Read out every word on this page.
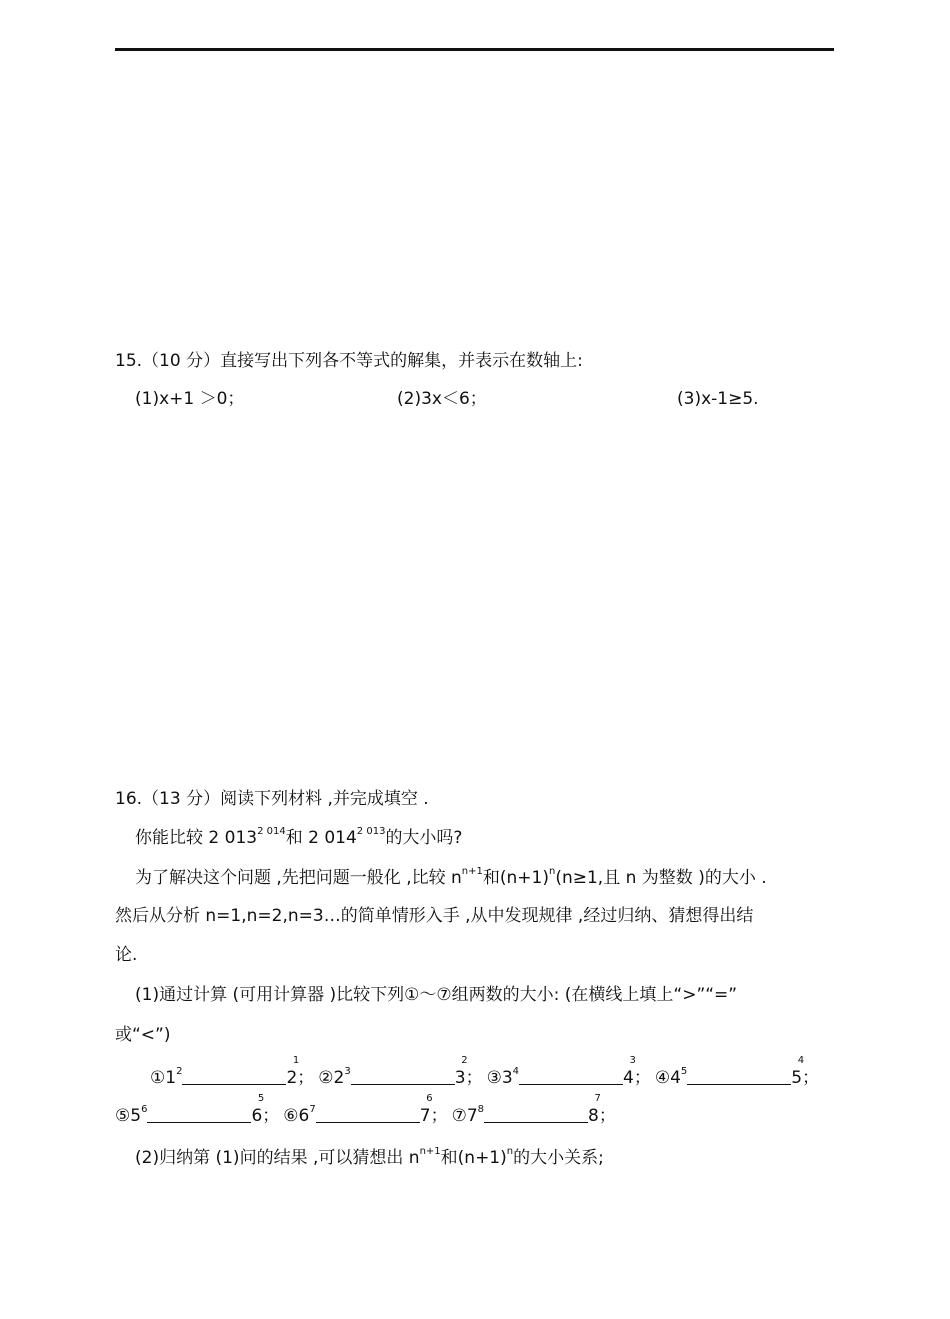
15.（10 分）直接写出下列各不等式的解集，并表示在数轴上:
(1)x+1 ＞0；	(2)3x＜6；	(3)x-1≥5.
16.（13 分）阅读下列材料 ,并完成填空 .
你能比较 2 $013^{2 014}$和 2 $014^{2 013}$的大小吗?
为了解决这个问题 ,先把问题一般化 ,比较 $n^{n+1}$和$(n+1)^n(n\ge 1$,且 n 为整数 )的大小 .
然后从分析 n=1,n=2,n=3…的简单情形入手 ,从中发现规律 ,经过归纳、猜想得出结
论.
(1)通过计算 (可用计算器 )比较下列①～⑦组两数的大小: (在横线上填上“>”“=”
或“<”)
$①1^2$	2
1
； $②2^3$	3
2
； $③3^4$	4
3
； $④4^5$	5
4
；
$⑤5^6$	6
5
； $⑥6^7$	7
6
； $⑦7^8$	8
7
；
(2)归纳第 (1)问的结果 ,可以猜想出 $n^{n+1}$和$(n+1)^n$的大小关系;
